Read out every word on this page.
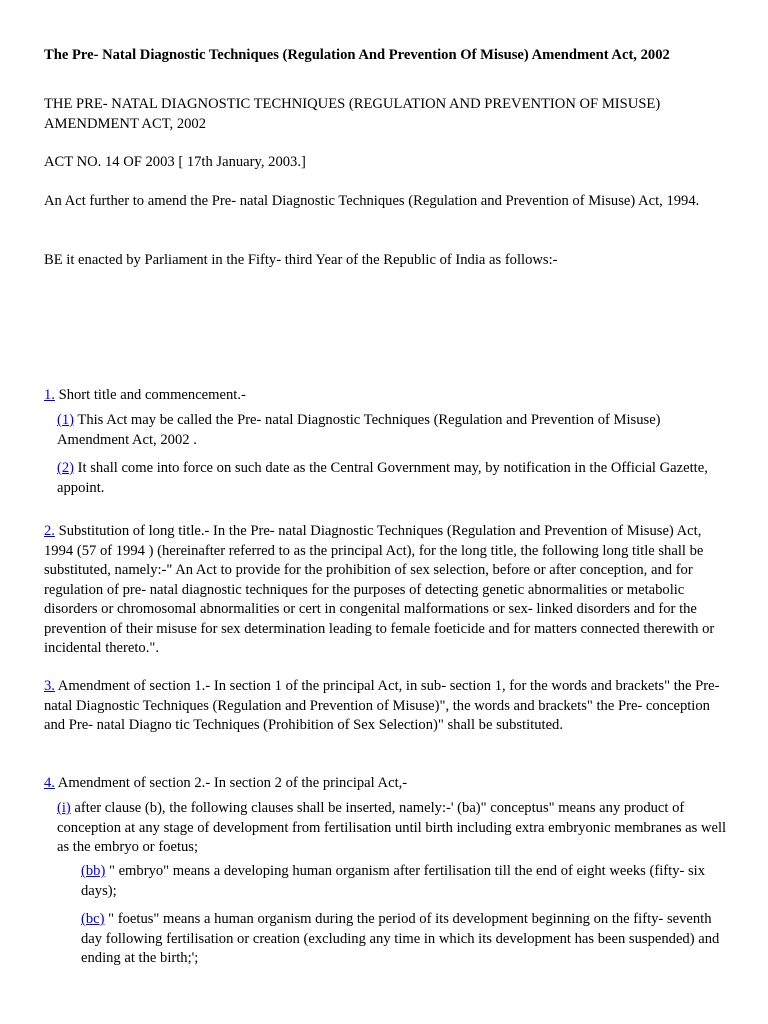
The Pre- Natal Diagnostic Techniques (Regulation And Prevention Of Misuse) Amendment Act, 2002

THE PRE- NATAL DIAGNOSTIC TECHNIQUES (REGULATION AND PREVENTION OF MISUSE) AMENDMENT ACT, 2002

ACT NO. 14 OF 2003 [ 17th January, 2003.]

An Act further to amend the Pre- natal Diagnostic Techniques (Regulation and Prevention of Misuse) Act, 1994.

BE it enacted by Parliament in the Fifty- third Year of the Republic of India as follows:-

1. Short title and commencement.-

(1) This Act may be called the Pre- natal Diagnostic Techniques (Regulation and Prevention of Misuse) Amendment Act, 2002 .

(2) It shall come into force on such date as the Central Government may, by notification in the Official Gazette, appoint.

2. Substitution of long title.- In the Pre- natal Diagnostic Techniques (Regulation and Prevention of Misuse) Act, 1994 (57 of 1994 ) (hereinafter referred to as the principal Act), for the long title, the following long title shall be substituted, namely:-" An Act to provide for the prohibition of sex selection, before or after conception, and for regulation of pre- natal diagnostic techniques for the purposes of detecting genetic abnormalities or metabolic disorders or chromosomal abnormalities or cert in congenital malformations or sex- linked disorders and for the prevention of their misuse for sex determination leading to female foeticide and for matters connected therewith or incidental thereto.".

3. Amendment of section 1.- In section 1 of the principal Act, in sub- section 1, for the words and brackets" the Pre- natal Diagnostic Techniques (Regulation and Prevention of Misuse)", the words and brackets" the Pre- conception and Pre- natal Diagno tic Techniques (Prohibition of Sex Selection)" shall be substituted.

4. Amendment of section 2.- In section 2 of the principal Act,-

(i) after clause (b), the following clauses shall be inserted, namely:-' (ba)" conceptus" means any product of conception at any stage of development from fertilisation until birth including extra embryonic membranes as well as the embryo or foetus;

(bb) " embryo" means a developing human organism after fertilisation till the end of eight weeks (fifty- six days);

(bc) " foetus" means a human organism during the period of its development beginning on the fifty- seventh day following fertilisation or creation (excluding any time in which its development has been suspended) and ending at the birth;';
